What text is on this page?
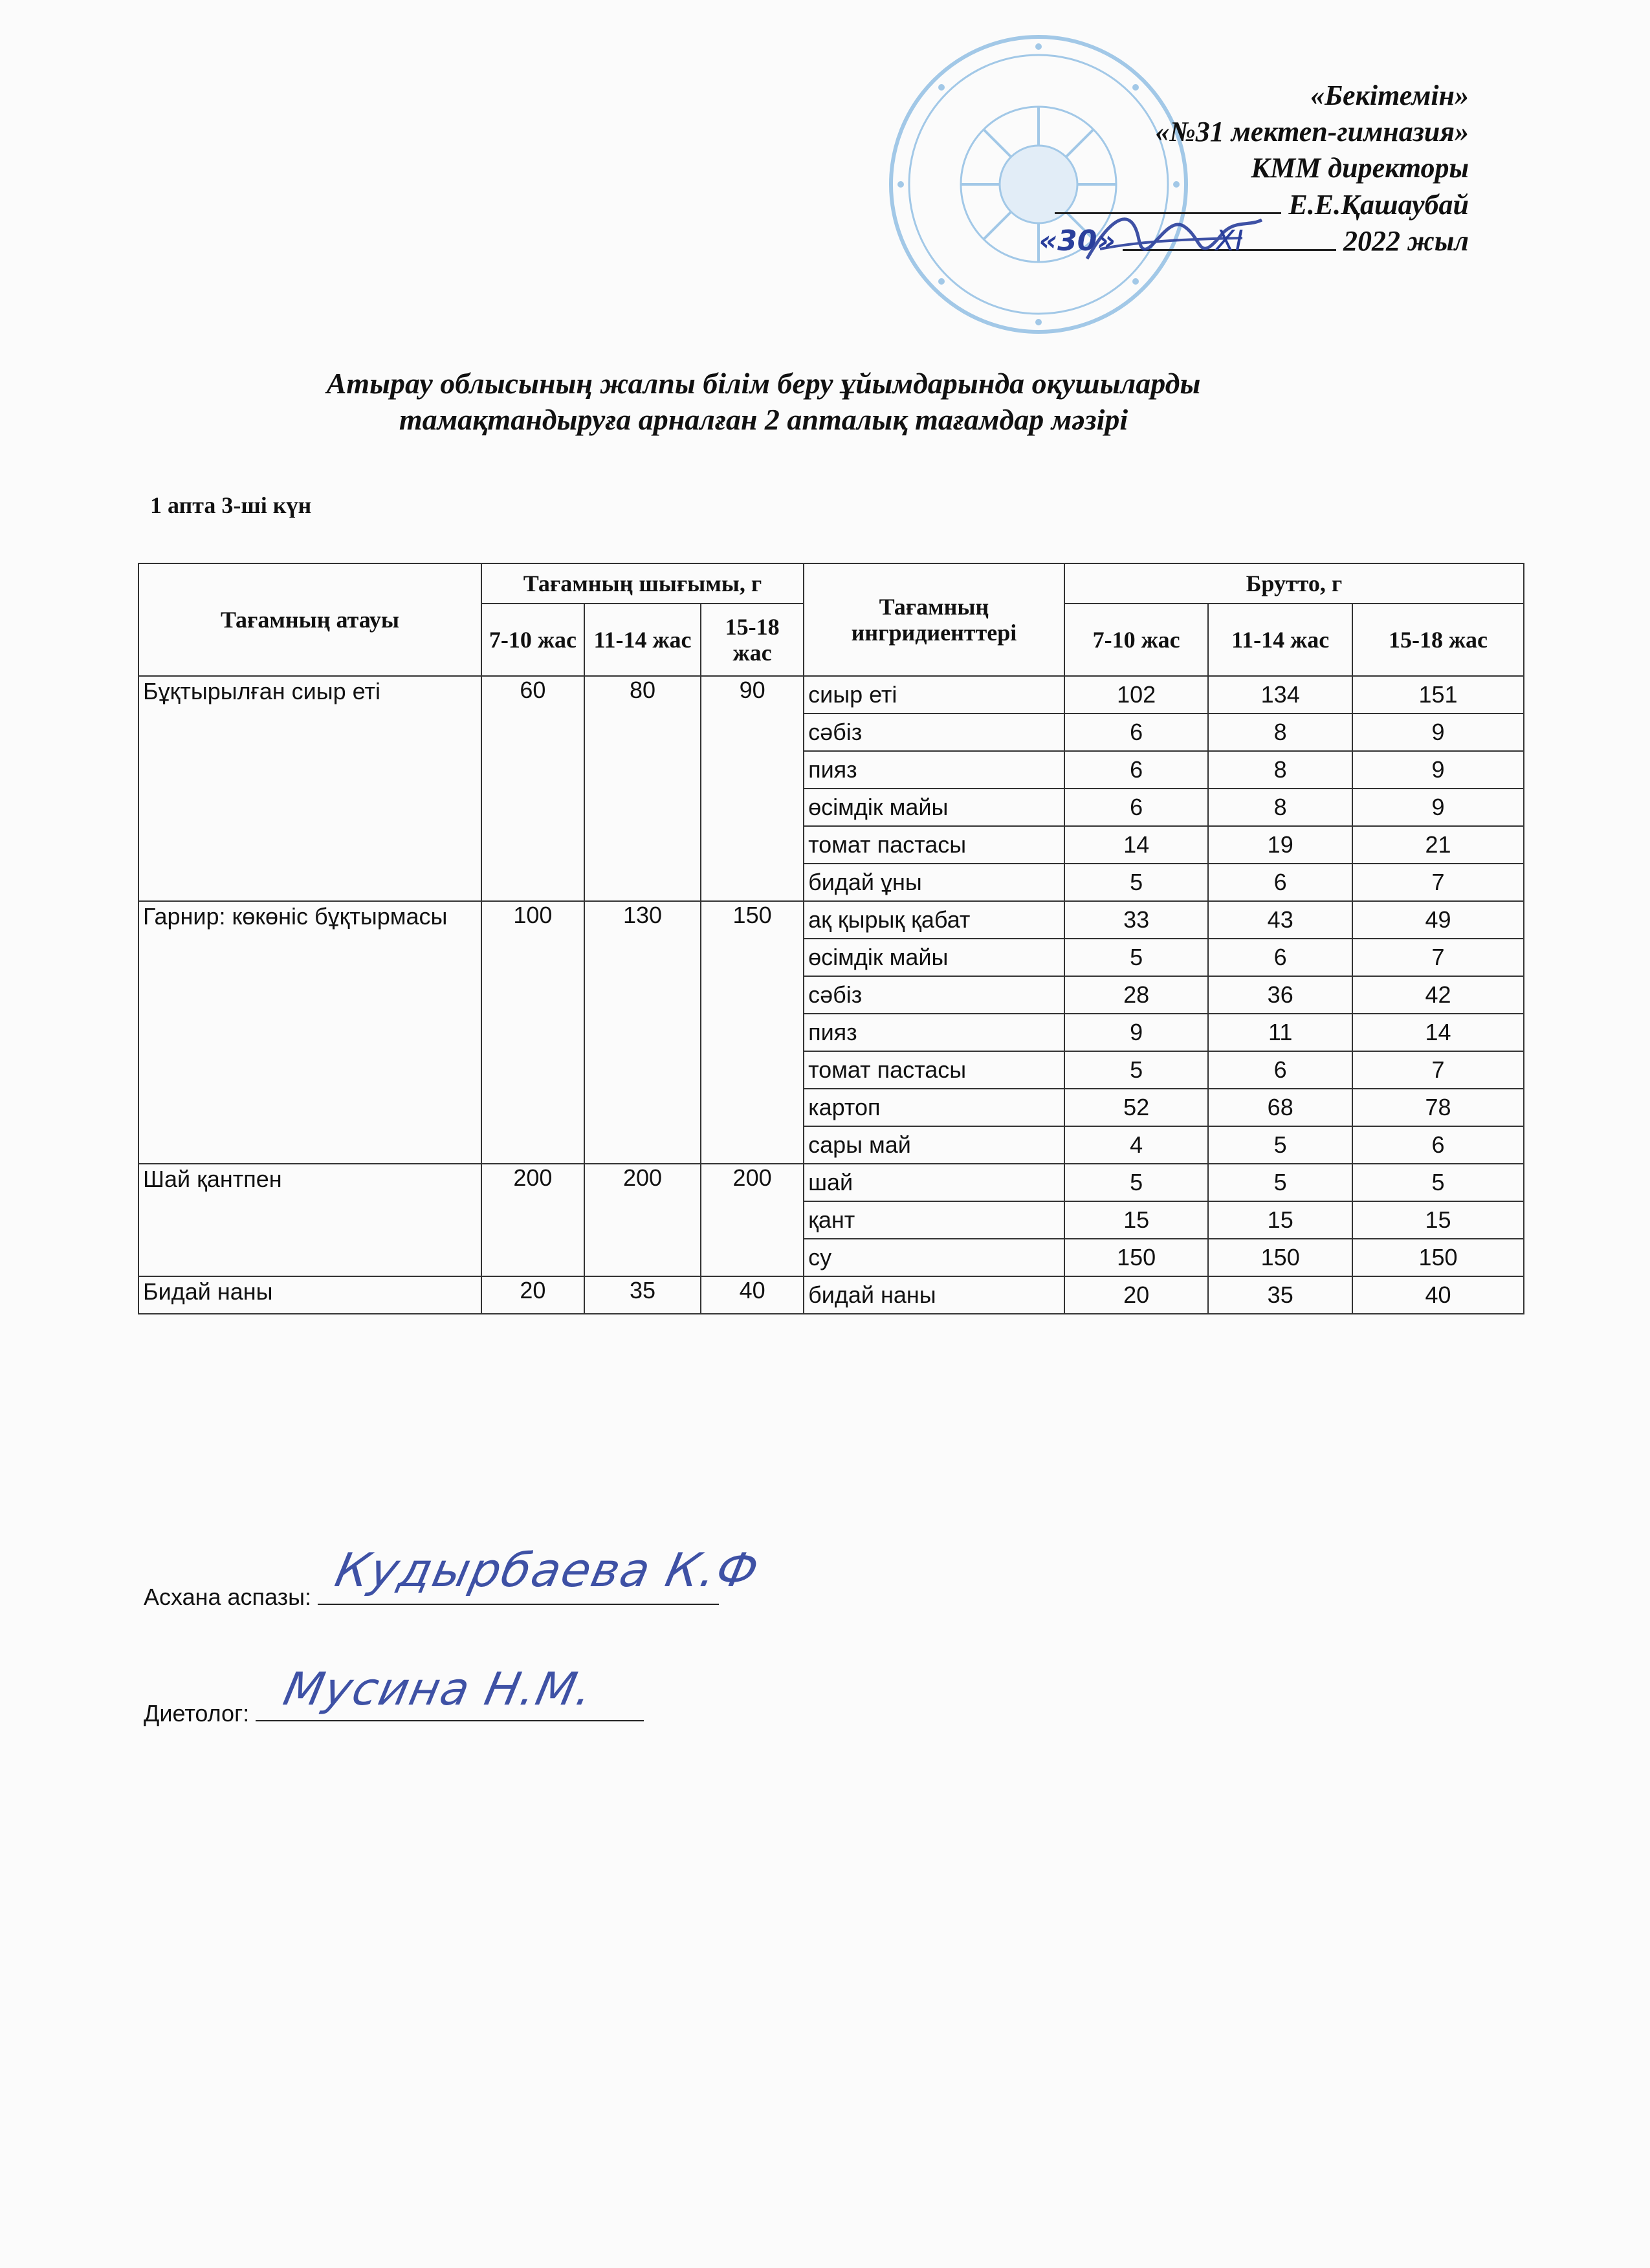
«Бекітемін»
«№31 мектеп-гимназия»
КММ директоры
Е.Е.Қашаубай
«30»	XI	2022 жыл
Атырау облысының жалпы білім беру ұйымдарында оқушыларды
тамақтандыруға арналған 2 апталық тағамдар мәзірі
1 апта 3-ші күн
Тағамның атауы	Тағамның шығымы, г			Тағамның ингридиенттері	Брутто, г		
	7-10 жас	11-14 жас	15-18 жас		7-10 жас	11-14 жас	15-18 жас
Бұқтырылған сиыр еті	60	80	90	сиыр еті	102	134	151
				сәбіз	6	8	9
				пияз	6	8	9
				өсімдік майы	6	8	9
				томат пастасы	14	19	21
				бидай ұны	5	6	7
Гарнир: көкөніс бұқтырмасы	100	130	150	ақ қырық қабат	33	43	49
				өсімдік майы	5	6	7
				сәбіз	28	36	42
				пияз	9	11	14
				томат пастасы	5	6	7
				картоп	52	68	78
				сары май	4	5	6
Шай қантпен	200	200	200	шай	5	5	5
				қант	15	15	15
				су	150	150	150
Бидай наны	20	35	40	бидай наны	20	35	40
Асхана аспазы: Кудырбаева К.Ф
Диетолог: Мусина Н.М.
